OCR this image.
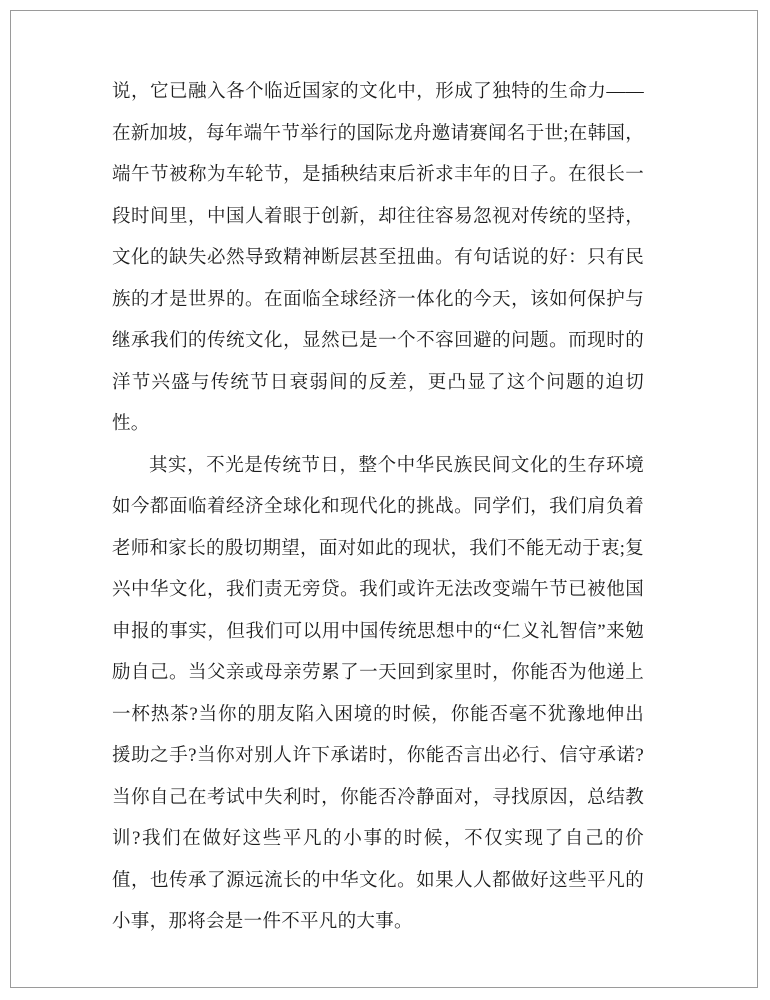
说，它已融入各个临近国家的文化中，形成了独特的生命力——在新加坡，每年端午节举行的国际龙舟邀请赛闻名于世;在韩国，端午节被称为车轮节，是插秧结束后祈求丰年的日子。在很长一段时间里，中国人着眼于创新，却往往容易忽视对传统的坚持，文化的缺失必然导致精神断层甚至扭曲。有句话说的好：只有民族的才是世界的。在面临全球经济一体化的今天，该如何保护与继承我们的传统文化，显然已是一个不容回避的问题。而现时的洋节兴盛与传统节日衰弱间的反差，更凸显了这个问题的迫切性。

其实，不光是传统节日，整个中华民族民间文化的生存环境如今都面临着经济全球化和现代化的挑战。同学们，我们肩负着老师和家长的殷切期望，面对如此的现状，我们不能无动于衷;复兴中华文化，我们责无旁贷。我们或许无法改变端午节已被他国申报的事实，但我们可以用中国传统思想中的“仁义礼智信”来勉励自己。当父亲或母亲劳累了一天回到家里时，你能否为他递上一杯热茶?当你的朋友陷入困境的时候，你能否毫不犹豫地伸出援助之手?当你对别人许下承诺时，你能否言出必行、信守承诺?当你自己在考试中失利时，你能否冷静面对，寻找原因，总结教训?我们在做好这些平凡的小事的时候，不仅实现了自己的价值，也传承了源远流长的中华文化。如果人人都做好这些平凡的小事，那将会是一件不平凡的大事。
